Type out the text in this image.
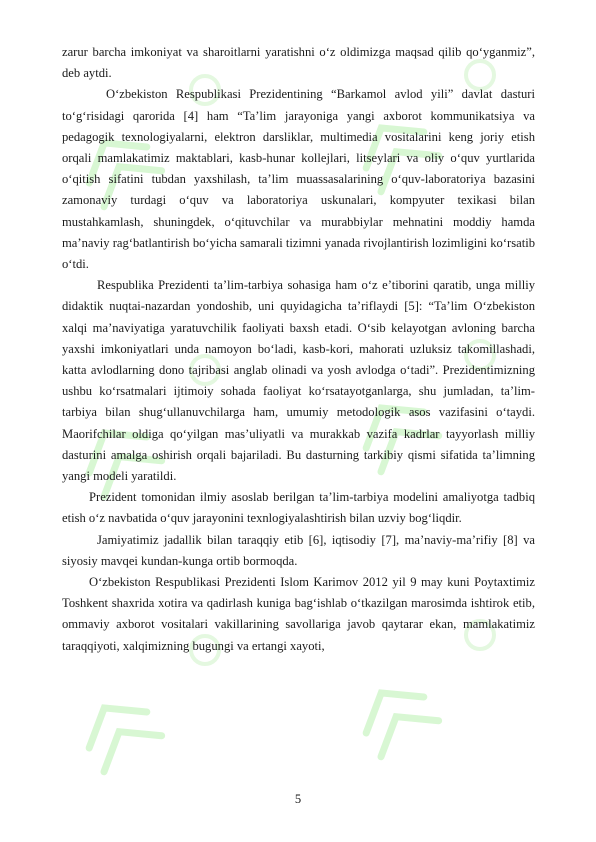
zarur barcha imkoniyat va sharoitlarni yaratishni o‘z oldimizga maqsad qilib qo‘yganmiz”, deb aytdi.

O‘zbekiston Respublikasi Prezidentining “Barkamol avlod yili” davlat dasturi to‘g‘risidagi qarorida [4] ham “Ta’lim jarayoniga yangi axborot kommunikatsiya va pedagogik texnologiyalarni, elektron darsliklar, multimedia vositalarini keng joriy etish orqali mamlakatimiz maktablari, kasb-hunar kollejlari, litseylari va oliy o‘quv yurtlarida o‘qitish sifatini tubdan yaxshilash, ta’lim muassasalarining o‘quv-laboratoriya bazasini zamonaviy turdagi o‘quv va laboratoriya uskunalari, kompyuter texikasi bilan mustahkamlash, shuningdek, o‘qituvchilar va murabbiylar mehnatini moddiy hamda ma’naviy rag‘batlantirish bo‘yicha samarali tizimni yanada rivojlantirish lozimligini ko‘rsatib o‘tdi.

Respublika Prezidenti ta’lim-tarbiya sohasiga ham o‘z e’tiborini qaratib, unga milliy didaktik nuqtai-nazardan yondoshib, uni quyidagicha ta’riflaydi [5]: “Ta’lim O‘zbekiston xalqi ma’naviyatiga yaratuvchilik faoliyati baxsh etadi. O‘sib kelayotgan avloning barcha yaxshi imkoniyatlari unda namoyon bo‘ladi, kasb-kori, mahorati uzluksiz takomillashadi, katta avlodlarning dono tajribasi anglab olinadi va yosh avlodga o‘tadi”. Prezidentimizning ushbu ko‘rsatmalari ijtimoiy sohada faoliyat ko‘rsatayotganlarga, shu jumladan, ta’lim-tarbiya bilan shug‘ullanuvchilarga ham, umumiy metodologik asos vazifasini o‘taydi. Maorifchilar oldiga qo‘yilgan mas’uliyatli va murakkab vazifa kadrlar tayyorlash milliy dasturini amalga oshirish orqali bajariladi. Bu dasturning tarkibiy qismi sifatida ta’limning yangi modeli yaratildi.

Prezident tomonidan ilmiy asoslab berilgan ta’lim-tarbiya modelini amaliyotga tadbiq etish o‘z navbatida o‘quv jarayonini texnlogiyalashtirish bilan uzviy bog‘liqdir.

Jamiyatimiz jadallik bilan taraqqiy etib [6], iqtisodiy [7], ma’naviy-ma’rifiy [8] va siyosiy mavqei kundan-kunga ortib bormoqda.

O‘zbekiston Respublikasi Prezidenti Islom Karimov 2012 yil 9 may kuni Poytaxtimiz Toshkent shaxrida xotira va qadirlash kuniga bag‘ishlab o‘tkazilgan marosimda ishtirok etib, ommaviy axborot vositalari vakillarining savollariga javob qaytarar ekan, mamlakatimiz taraqqiyoti, xalqimizning bugungi va ertangi xayoti,

5
